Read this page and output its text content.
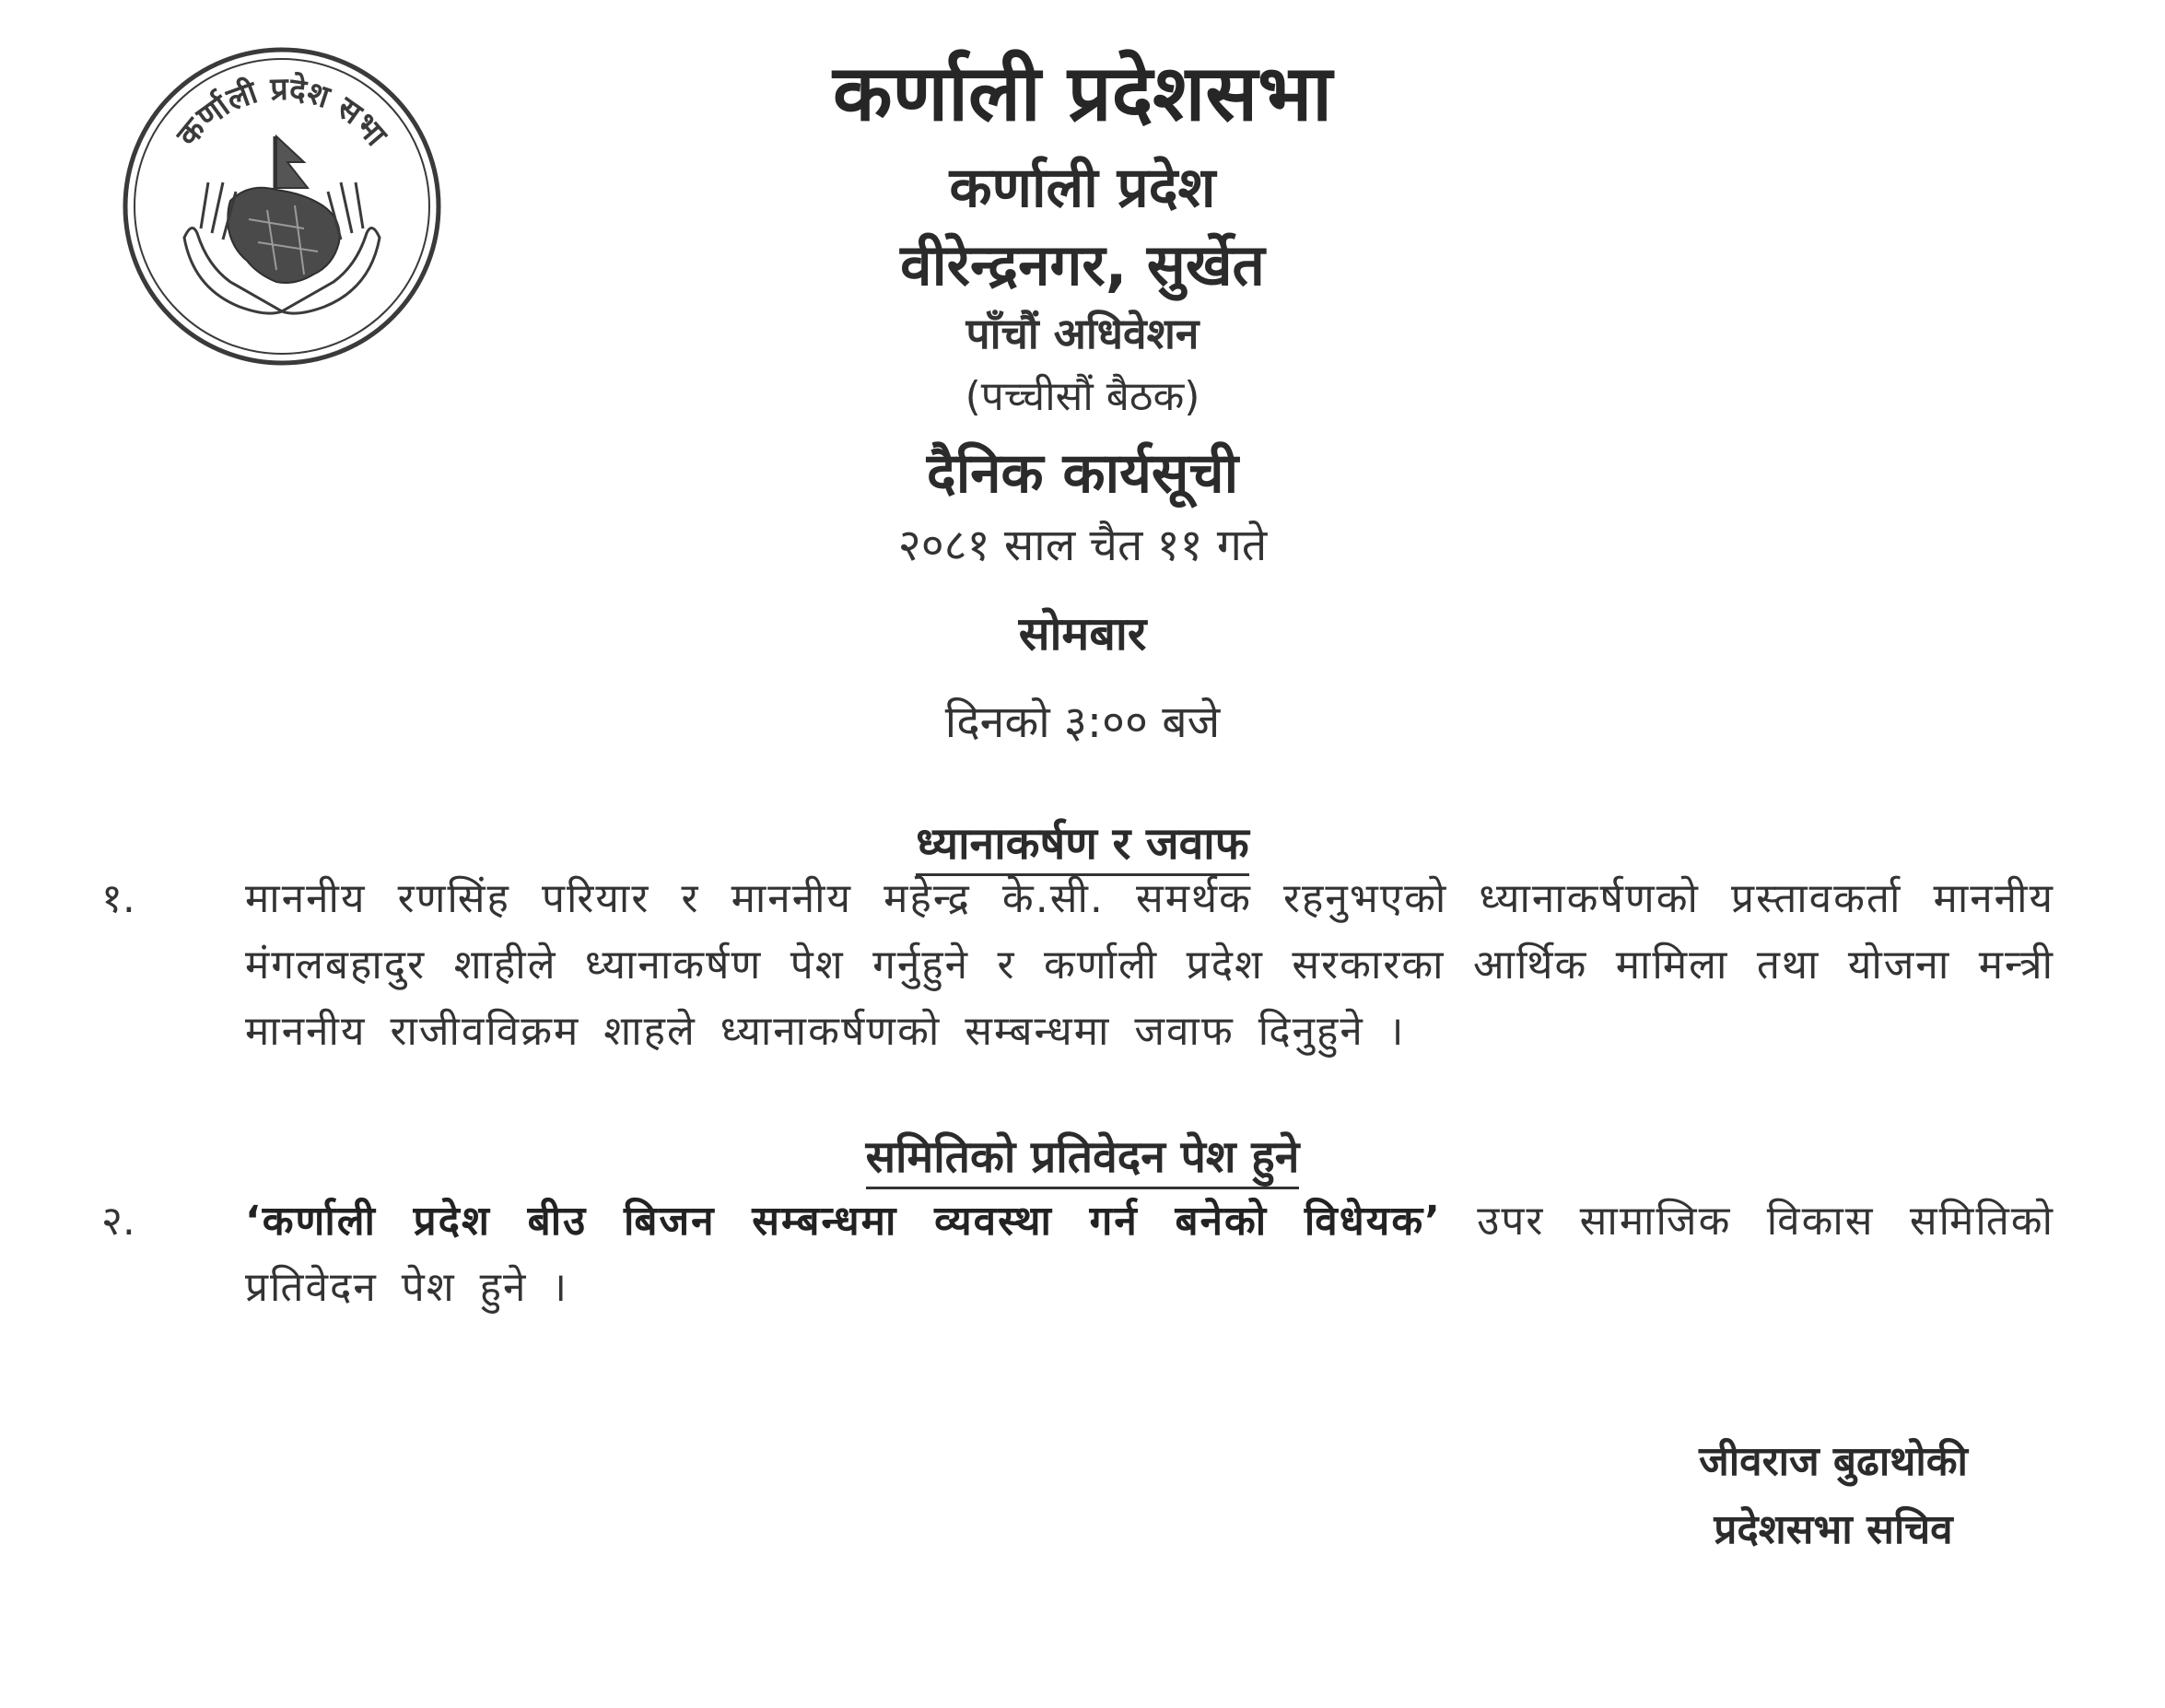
कर्णाली प्रदेश सभा	कर्णाली प्रदेशसभा
कर्णाली प्रदेश
वीरेन्द्रनगर, सुर्खेत
पाँचौं अधिवेशन
(पच्चीसौं बैठक)
दैनिक कार्यसूची
२०८१ साल चैत ११ गते
सोमबार
दिनको ३:०० बजे
ध्यानाकर्षण र जवाफ
१.	माननीय रणसिंह परियार र माननीय महेन्द्र के.सी. समर्थक रहनुभएको ध्यानाकर्षणको प्रस्तावकर्ता माननीय मंगलबहादुर शाहीले ध्यानाकर्षण पेश गर्नुहुने र कर्णाली प्रदेश सरकारका आर्थिक मामिला तथा योजना मन्त्री माननीय राजीवविक्रम शाहले ध्यानाकर्षणको सम्बन्धमा जवाफ दिनुहुने ।
समितिको प्रतिवेदन पेश हुने
२.	‘कर्णाली प्रदेश बीउ बिजन सम्बन्धमा व्यवस्था गर्न बनेको विधेयक’ उपर सामाजिक विकास समितिको प्रतिवेदन पेश हुने ।
जीवराज बुढाथोकी
प्रदेशसभा सचिव
